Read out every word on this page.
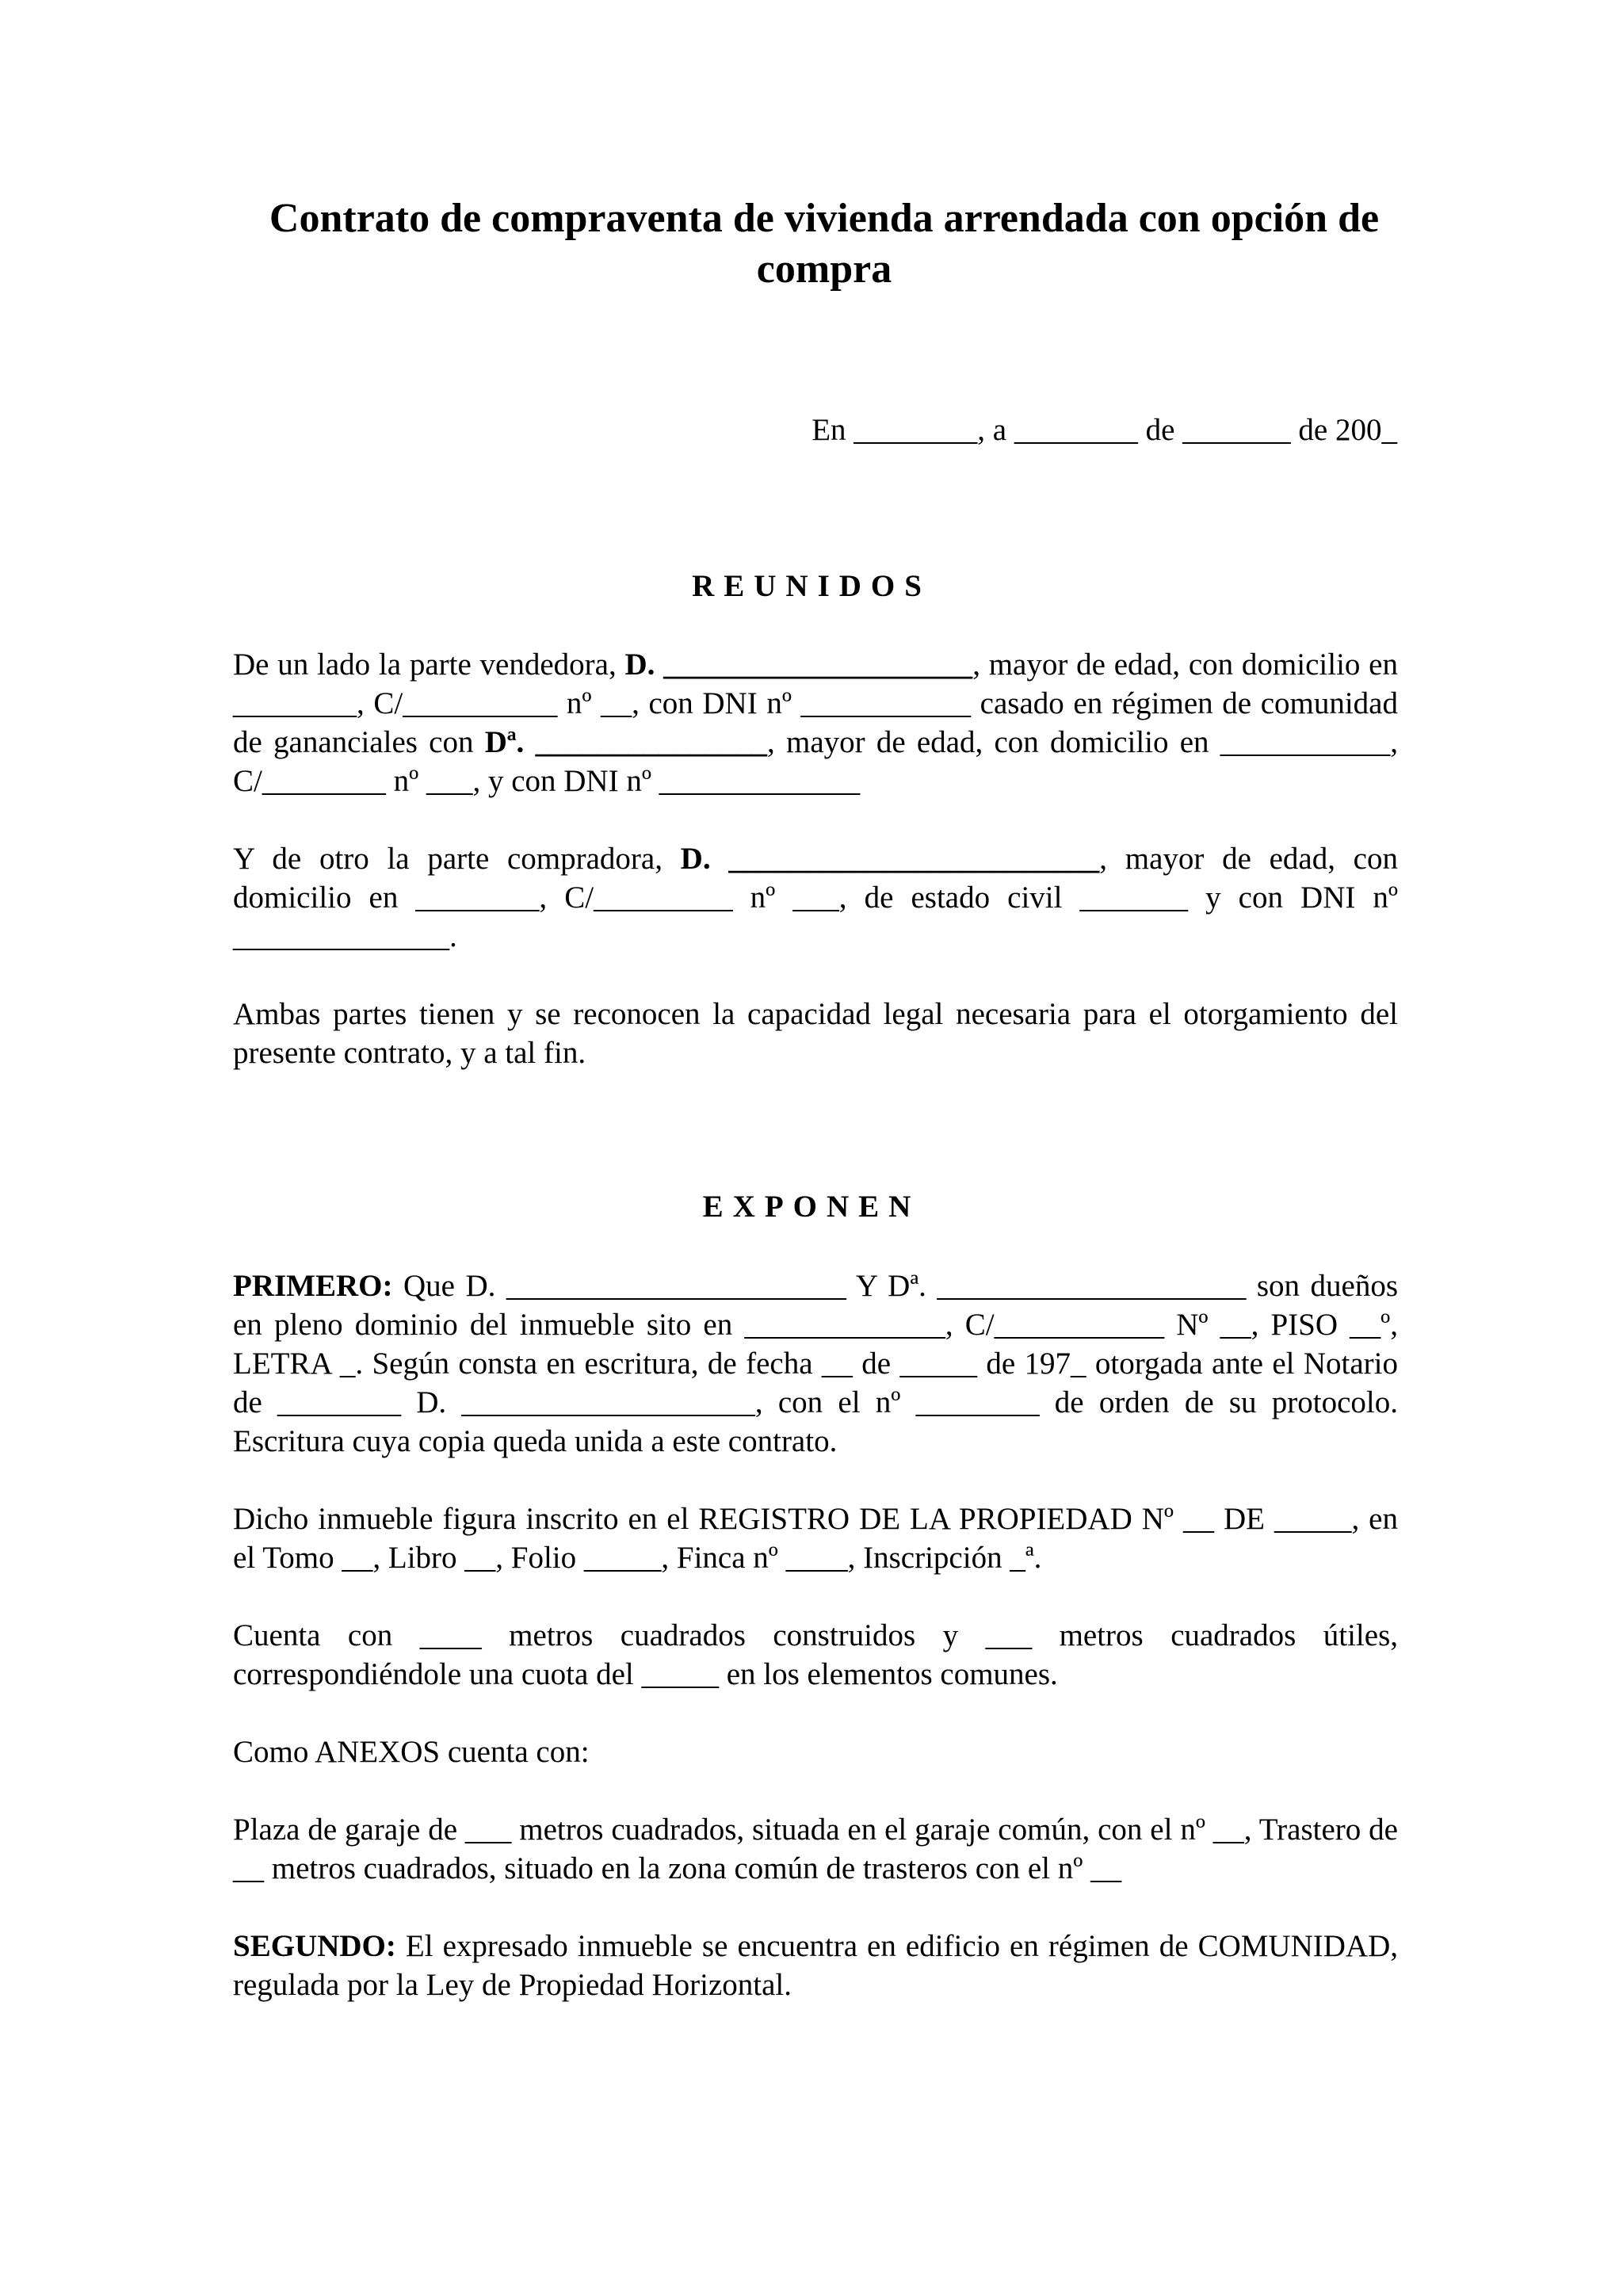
Contrato de compraventa de vivienda arrendada con opción de compra
En ________, a ________ de _______ de 200_
REUNIDOS
De un lado la parte vendedora, D. ____________________, mayor de edad, con domicilio en ________, C/__________ nº __, con DNI nº ___________ casado en régimen de comunidad de gananciales con Dª. _______________, mayor de edad, con domicilio en ___________, C/________ nº ___, y con DNI nº _____________
Y de otro la parte compradora, D. ________________________, mayor de edad, con domicilio en ________, C/_________ nº ___, de estado civil _______ y con DNI nº ______________.
Ambas partes tienen y se reconocen la capacidad legal necesaria para el otorgamiento del presente contrato, y a tal fin.
EXPONEN
PRIMERO: Que D. ______________________ Y Dª. ____________________ son dueños en pleno dominio del inmueble sito en _____________, C/___________ Nº __, PISO __º, LETRA _. Según consta en escritura, de fecha __ de _____ de 197_ otorgada ante el Notario de ________ D. ___________________, con el nº ________ de orden de su protocolo. Escritura cuya copia queda unida a este contrato.
Dicho inmueble figura inscrito en el REGISTRO DE LA PROPIEDAD Nº __ DE _____, en el Tomo __, Libro __, Folio _____, Finca nº ____, Inscripción _ª.
Cuenta con ____ metros cuadrados construidos y ___ metros cuadrados útiles, correspondiéndole una cuota del _____ en los elementos comunes.
Como ANEXOS cuenta con:
Plaza de garaje de ___ metros cuadrados, situada en el garaje común, con el nº __, Trastero de __ metros cuadrados, situado en la zona común de trasteros con el nº __
SEGUNDO: El expresado inmueble se encuentra en edificio en régimen de COMUNIDAD, regulada por la Ley de Propiedad Horizontal.
